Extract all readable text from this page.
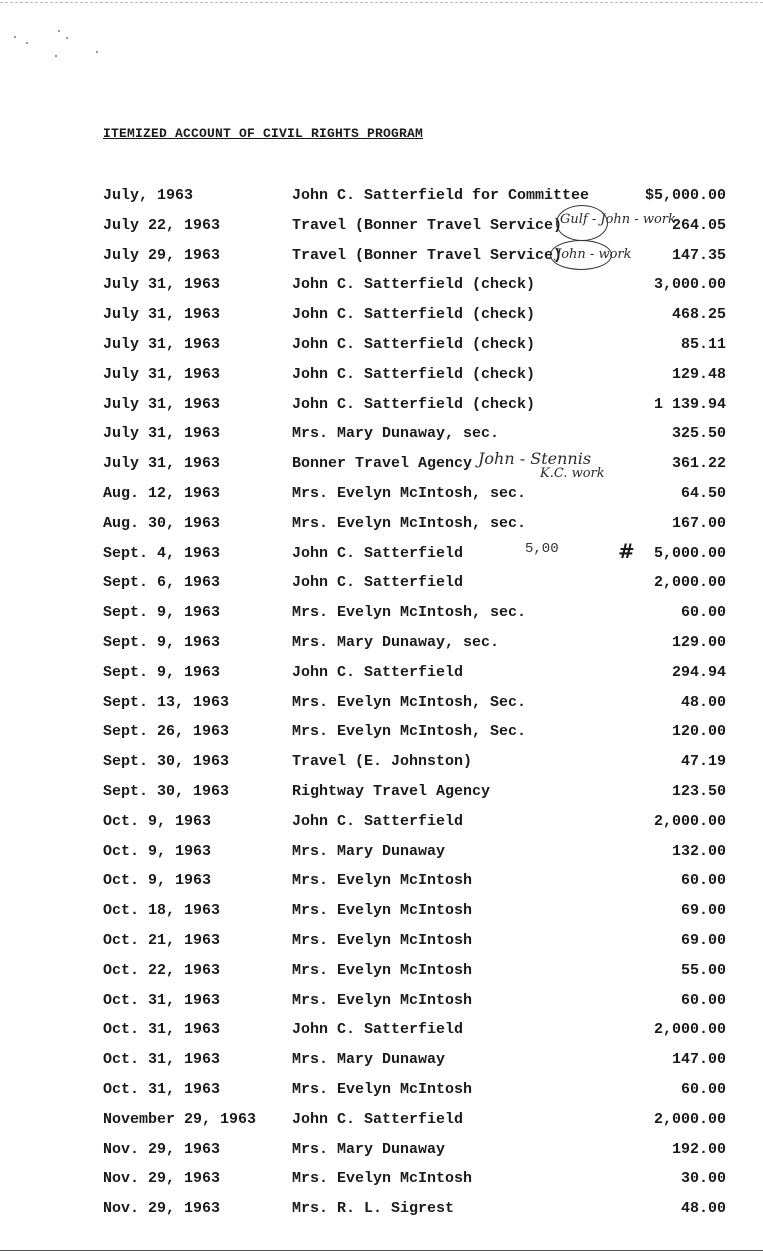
ITEMIZED ACCOUNT OF CIVIL RIGHTS PROGRAM
July, 1963	John C. Satterfield for Committee	$5,000.00
July 22, 1963	Travel (Bonner Travel Service)	264.05
July 29, 1963	Travel (Bonner Travel Service)	147.35
July 31, 1963	John C. Satterfield (check)	3,000.00
July 31, 1963	John C. Satterfield (check)	468.25
July 31, 1963	John C. Satterfield (check)	85.11
July 31, 1963	John C. Satterfield (check)	129.48
July 31, 1963	John C. Satterfield (check)	1 139.94
July 31, 1963	Mrs. Mary Dunaway, sec.	325.50
July 31, 1963	Bonner Travel Agency	361.22
Aug. 12, 1963	Mrs. Evelyn McIntosh, sec.	64.50
Aug. 30, 1963	Mrs. Evelyn McIntosh, sec.	167.00
Sept. 4, 1963	John C. Satterfield	5,000.00
Sept. 6, 1963	John C. Satterfield	2,000.00
Sept. 9, 1963	Mrs. Evelyn McIntosh, sec.	60.00
Sept. 9, 1963	Mrs. Mary Dunaway, sec.	129.00
Sept. 9, 1963	John C. Satterfield	294.94
Sept. 13, 1963	Mrs. Evelyn McIntosh, Sec.	48.00
Sept. 26, 1963	Mrs. Evelyn McIntosh, Sec.	120.00
Sept. 30, 1963	Travel (E. Johnston)	47.19
Sept. 30, 1963	Rightway Travel Agency	123.50
Oct. 9, 1963	John C. Satterfield	2,000.00
Oct. 9, 1963	Mrs. Mary Dunaway	132.00
Oct. 9, 1963	Mrs. Evelyn McIntosh	60.00
Oct. 18, 1963	Mrs. Evelyn McIntosh	69.00
Oct. 21, 1963	Mrs. Evelyn McIntosh	69.00
Oct. 22, 1963	Mrs. Evelyn McIntosh	55.00
Oct. 31, 1963	Mrs. Evelyn McIntosh	60.00
Oct. 31, 1963	John C. Satterfield	2,000.00
Oct. 31, 1963	Mrs. Mary Dunaway	147.00
Oct. 31, 1963	Mrs. Evelyn McIntosh	60.00
November 29, 1963 John C. Satterfield	2,000.00
Nov. 29, 1963	Mrs. Mary Dunaway	192.00
Nov. 29, 1963	Mrs. Evelyn McIntosh	30.00
Nov. 29, 1963	Mrs. R. L. Sigrest	48.00
Gulf - John - work
John - work
John - Stennis
K.C. work
5,00	#
